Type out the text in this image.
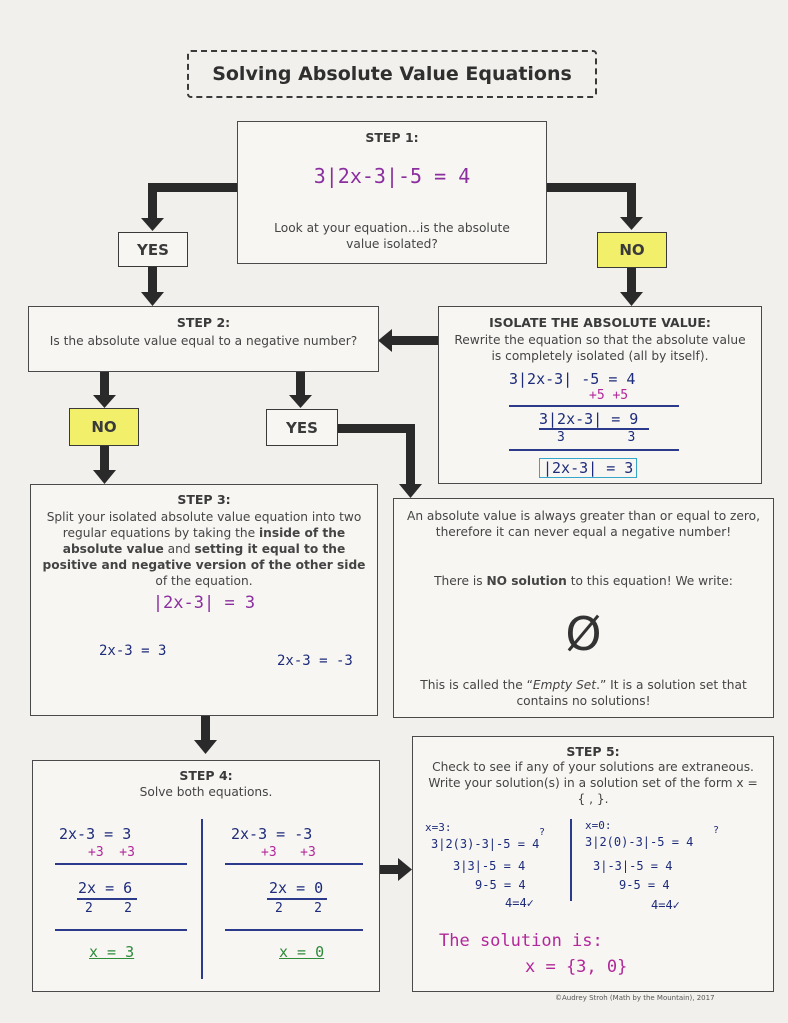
Solving Absolute Value Equations
STEP 1:
3|2x-3|-5 = 4
Look at your equation…is the absolute value isolated?
YES	NO
STEP 2:
Is the absolute value equal to a negative number?
ISOLATE THE ABSOLUTE VALUE:
Rewrite the equation so that the absolute value is completely isolated (all by itself).
3|2x-3| -5 = 4
+5 +5
3|2x-3| = 9
3        3
|2x-3| = 3
NO	YES
STEP 3:
Split your isolated absolute value equation into two regular equations by taking the inside of the absolute value and setting it equal to the positive and negative version of the other side of the equation.
|2x-3| = 3
2x-3 = 3
2x-3 = -3
An absolute value is always greater than or equal to zero, therefore it can never equal a negative number!
There is NO solution to this equation! We write:
Ø
This is called the “Empty Set.” It is a solution set that contains no solutions!
STEP 4:
Solve both equations.
2x-3 = 3
+3  +3
2x = 6
2    2
x = 3
2x-3 = -3
+3   +3
2x = 0
2    2
x = 0
STEP 5:
Check to see if any of your solutions are extraneous. Write your solution(s) in a solution set of the form x = { , }.
x=3:	?
3|2(3)-3|-5 = 4
3|3|-5 = 4
9-5 = 4
4=4✓
x=0:	?
3|2(0)-3|-5 = 4
3|-3|-5 = 4
9-5 = 4
4=4✓
The solution is:
x = {3, 0}
©Audrey Stroh (Math by the Mountain), 2017
